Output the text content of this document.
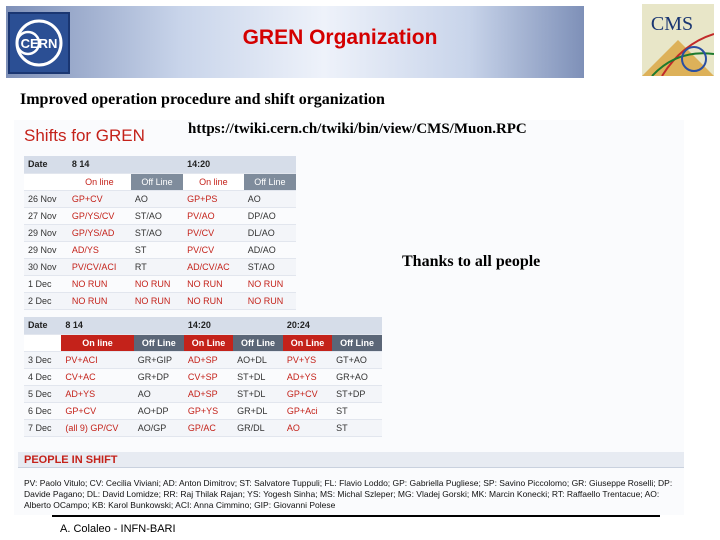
CERN
CMS
GREN Organization
Improved operation procedure and shift organization
Shifts for GREN	https://twiki.cern.ch/twiki/bin/view/CMS/Muon.RPC
Thanks to all people
Date	8 14		14:20	
	On line	Off Line	On line	Off Line
26 Nov	GP+CV	AO	GP+PS	AO
27 Nov	GP/YS/CV	ST/AO	PV/AO	DP/AO
29 Nov	GP/YS/AD	ST/AO	PV/CV	DL/AO
29 Nov	AD/YS	ST	PV/CV	AD/AO
30 Nov	PV/CV/ACI	RT	AD/CV/AC	ST/AO
1 Dec	NO RUN	NO RUN	NO RUN	NO RUN
2 Dec	NO RUN	NO RUN	NO RUN	NO RUN
Date	8 14		14:20		20:24	
	On line	Off Line	On Line	Off Line	On Line	Off Line
3 Dec	PV+ACI	GR+GIP	AD+SP	AO+DL	PV+YS	GT+AO
4 Dec	CV+AC	GR+DP	CV+SP	ST+DL	AD+YS	GR+AO
5 Dec	AD+YS	AO	AD+SP	ST+DL	GP+CV	ST+DP
6 Dec	GP+CV	AO+DP	GP+YS	GR+DL	GP+Aci	ST
7 Dec	(all 9) GP/CV	AO/GP	GP/AC	GR/DL	AO	ST
PEOPLE IN SHIFT
PV: Paolo Vitulo; CV: Cecilia Viviani; AD: Anton Dimitrov; ST: Salvatore Tuppuli; FL: Flavio Loddo; GP: Gabriella Pugliese; SP: Savino Piccolomo; GR: Giuseppe Roselli; DP: Davide Pagano; DL: David Lomidze; RR: Raj Thilak Rajan; YS: Yogesh Sinha; MS: Michal Szleper; MG: Vladej Gorski; MK: Marcin Konecki; RT: Raffaello Trentacue; AO: Alberto OCampo; KB: Karol Bunkowski; ACI: Anna Cimmino; GIP: Giovanni Polese
A. Colaleo - INFN-BARI
